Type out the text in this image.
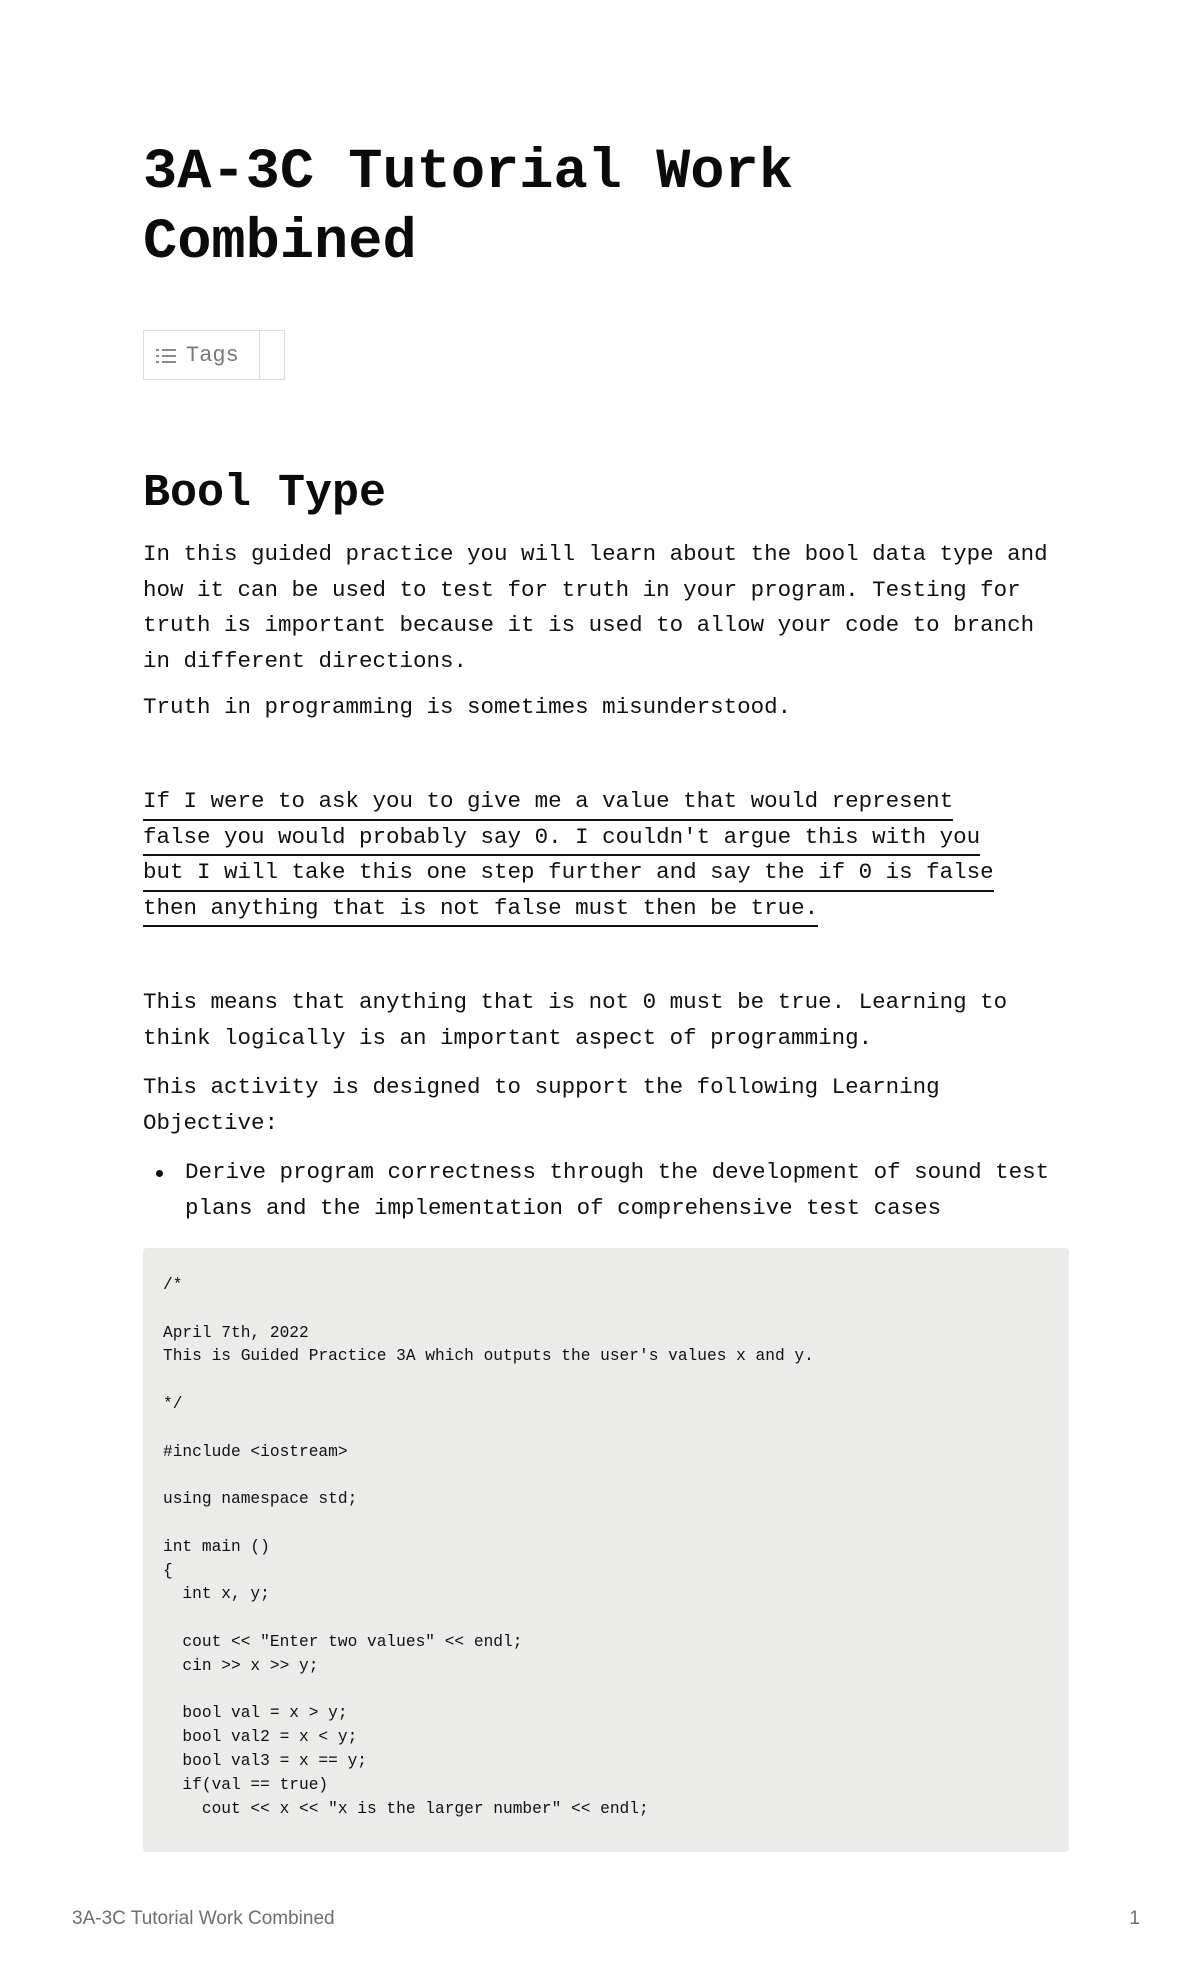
3A-3C Tutorial Work Combined
Tags
Bool Type

In this guided practice you will learn about the bool data type and how it can be used to test for truth in your program. Testing for truth is important because it is used to allow your code to branch in different directions.

Truth in programming is sometimes misunderstood.

If I were to ask you to give me a value that would represent
false you would probably say 0. I couldn't argue this with you
but I will take this one step further and say the if 0 is false
then anything that is not false must then be true.

This means that anything that is not 0 must be true. Learning to think logically is an important aspect of programming.

This activity is designed to support the following Learning Objective:

Derive program correctness through the development of sound test plans and the implementation of comprehensive test cases
/*

April 7th, 2022
This is Guided Practice 3A which outputs the user's values x and y.

*/

#include <iostream>

using namespace std;

int main ()
{
int x, y;

cout << "Enter two values" << endl;
cin >> x >> y;

bool val = x > y;
bool val2 = x < y;
bool val3 = x == y;
if(val == true)
cout << x << "x is the larger number" << endl;
3A-3C Tutorial Work Combined	1
